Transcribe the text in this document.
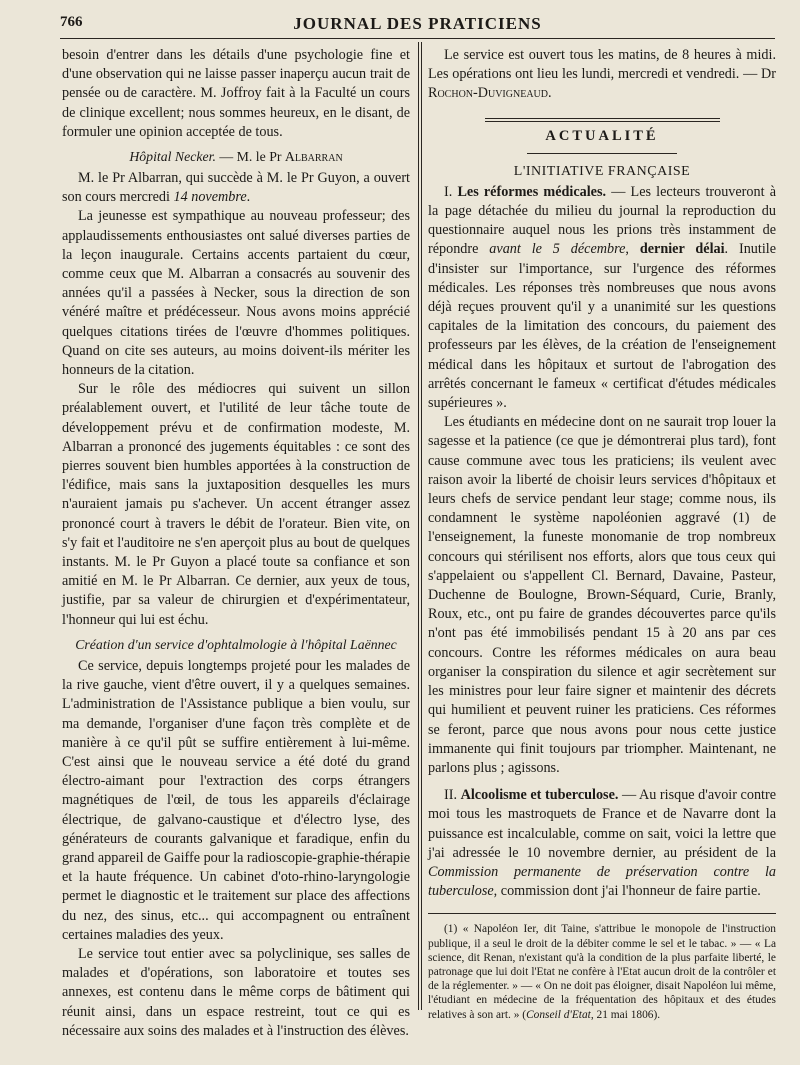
766	JOURNAL DES PRATICIENS

besoin d'entrer dans les détails d'une psychologie fine et d'une observation qui ne laisse passer inaperçu aucun trait de pensée ou de caractère. M. Joffroy fait à la Faculté un cours de clinique excellent; nous sommes heureux, en le disant, de formuler une opinion acceptée de tous.

Hôpital Necker. — M. le Pr Albarran

M. le Pr Albarran, qui succède à M. le Pr Guyon, a ouvert son cours mercredi 14 novembre.

La jeunesse est sympathique au nouveau professeur; des applaudissements enthousiastes ont salué diverses parties de la leçon inaugurale. Certains accents partaient du cœur, comme ceux que M. Albarran a consacrés au souvenir des années qu'il a passées à Necker, sous la direction de son vénéré maître et prédécesseur. Nous avons moins apprécié quelques citations tirées de l'œuvre d'hommes politiques. Quand on cite ses auteurs, au moins doivent-ils mériter les honneurs de la citation.

Sur le rôle des médiocres qui suivent un sillon préalablement ouvert, et l'utilité de leur tâche toute de développement prévu et de confirmation modeste, M. Albarran a prononcé des jugements équitables : ce sont des pierres souvent bien humbles apportées à la construction de l'édifice, mais sans la juxtaposition desquelles les murs n'auraient jamais pu s'achever. Un accent étranger assez prononcé court à travers le débit de l'orateur. Bien vite, on s'y fait et l'auditoire ne s'en aperçoit plus au bout de quelques instants. M. le Pr Guyon a placé toute sa confiance et son amitié en M. le Pr Albarran. Ce dernier, aux yeux de tous, justifie, par sa valeur de chirurgien et d'expérimentateur, l'honneur qui lui est échu.

Création d'un service d'ophtalmologie à l'hôpital Laënnec

Ce service, depuis longtemps projeté pour les malades de la rive gauche, vient d'être ouvert, il y a quelques semaines. L'administration de l'Assistance publique a bien voulu, sur ma demande, l'organiser d'une façon très complète et de manière à ce qu'il pût se suffire entièrement à lui-même. C'est ainsi que le nouveau service a été doté du grand électro-aimant pour l'extraction des corps étrangers magnétiques de l'œil, de tous les appareils d'éclairage électrique, de galvano-caustique et d'électro lyse, des générateurs de courants galvanique et faradique, enfin du grand appareil de Gaiffe pour la radioscopie-graphie-thérapie et la haute fréquence. Un cabinet d'oto-rhino-laryngologie permet le diagnostic et le traitement sur place des affections du nez, des sinus, etc... qui accompagnent ou entraînent certaines maladies des yeux.

Le service tout entier avec sa polyclinique, ses salles de malades et d'opérations, son laboratoire et toutes ses annexes, est contenu dans le même corps de bâtiment qui réunit ainsi, dans un espace restreint, tout ce qui es nécessaire aux soins des malades et à l'instruction des élèves.

Le service est ouvert tous les matins, de 8 heures à midi. Les opérations ont lieu les lundi, mercredi et vendredi. — Dr Rochon-Duvigneaud.

ACTUALITÉ

L'INITIATIVE FRANÇAISE

I. Les réformes médicales. — Les lecteurs trouveront à la page détachée du milieu du journal la reproduction du questionnaire auquel nous les prions très instamment de répondre avant le 5 décembre, dernier délai. Inutile d'insister sur l'importance, sur l'urgence des réformes médicales. Les réponses très nombreuses que nous avons déjà reçues prouvent qu'il y a unanimité sur les questions capitales de la limitation des concours, du paiement des professeurs par les élèves, de la création de l'enseignement médical dans les hôpitaux et surtout de l'abrogation des arrêtés concernant le fameux « certificat d'études médicales supérieures ».

Les étudiants en médecine dont on ne saurait trop louer la sagesse et la patience (ce que je démontrerai plus tard), font cause commune avec tous les praticiens; ils veulent avec raison avoir la liberté de choisir leurs services d'hôpitaux et leurs chefs de service pendant leur stage; comme nous, ils condamnent le système napoléonien aggravé (1) de l'enseignement, la funeste monomanie de trop nombreux concours qui stérilisent nos efforts, alors que tous ceux qui s'appelaient ou s'appellent Cl. Bernard, Davaine, Pasteur, Duchenne de Boulogne, Brown-Séquard, Curie, Branly, Roux, etc., ont pu faire de grandes découvertes parce qu'ils n'ont pas été immobilisés pendant 15 à 20 ans par ces concours. Contre les réformes médicales on aura beau organiser la conspiration du silence et agir secrètement sur les ministres pour leur faire signer et maintenir des décrets qui humilient et peuvent ruiner les praticiens. Ces réformes se feront, parce que nous avons pour nous cette justice immanente qui finit toujours par triompher. Maintenant, ne parlons plus ; agissons.

II. Alcoolisme et tuberculose. — Au risque d'avoir contre moi tous les mastroquets de France et de Navarre dont la puissance est incalculable, comme on sait, voici la lettre que j'ai adressée le 10 novembre dernier, au président de la Commission permanente de préservation contre la tuberculose, commission dont j'ai l'honneur de faire partie.

(1) « Napoléon Ier, dit Taine, s'attribue le monopole de l'instruction publique, il a seul le droit de la débiter comme le sel et le tabac. » — « La science, dit Renan, n'existant qu'à la condition de la plus parfaite liberté, le patronage que lui doit l'Etat ne confère à l'Etat aucun droit de la contrôler et de la réglementer. » — « On ne doit pas éloigner, disait Napoléon lui même, l'étudiant en médecine de la fréquentation des hôpitaux et des études relatives à son art. » (Conseil d'Etat, 21 mai 1806).
